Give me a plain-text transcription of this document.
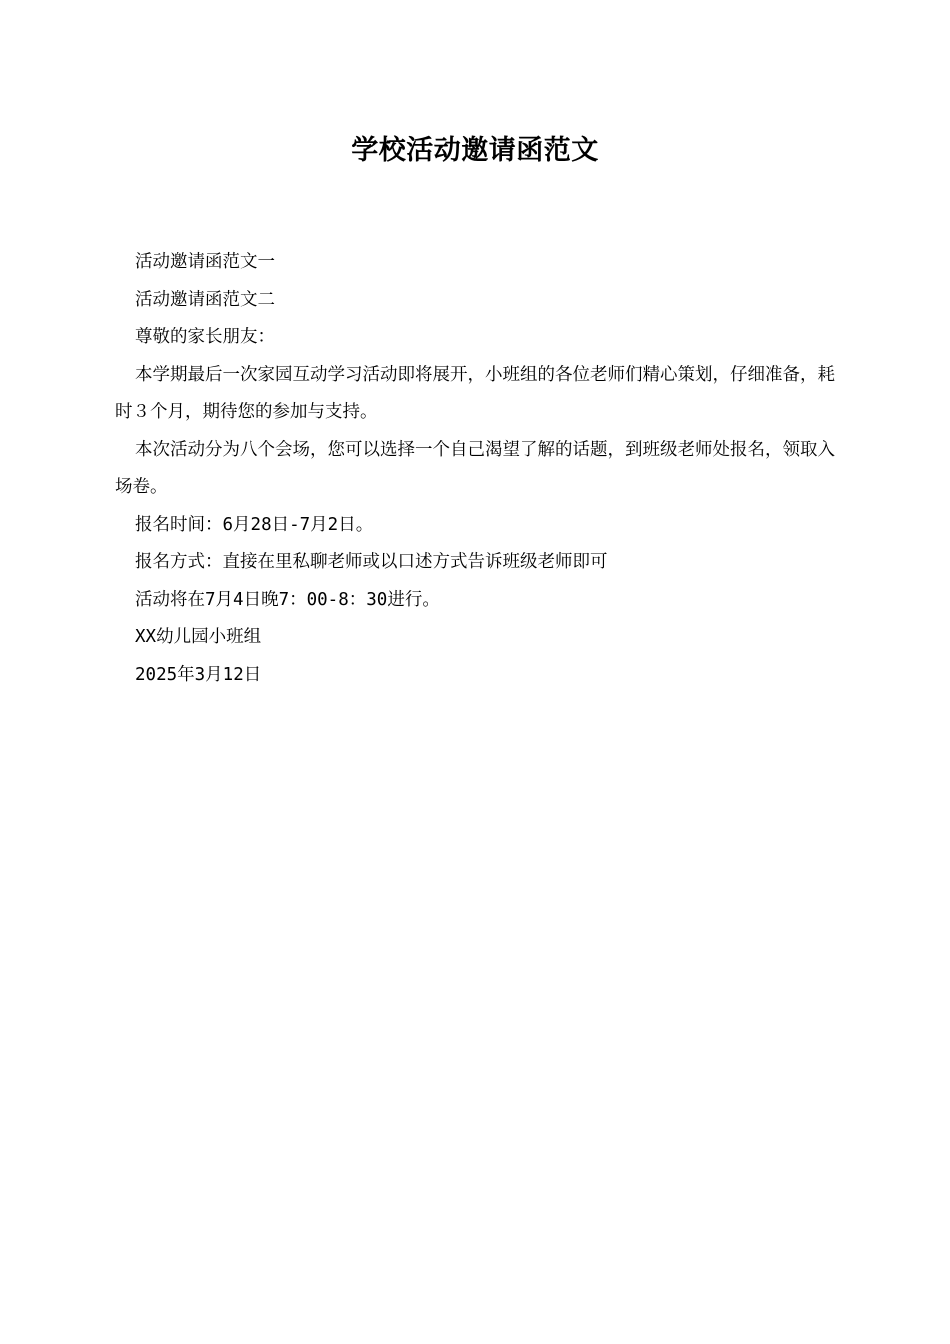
学校活动邀请函范文

活动邀请函范文一

活动邀请函范文二

尊敬的家长朋友：

本学期最后一次家园互动学习活动即将展开，小班组的各位老师们精心策划，仔细准备，耗时３个月，期待您的参加与支持。

本次活动分为八个会场，您可以选择一个自己渴望了解的话题，到班级老师处报名，领取入场卷。

报名时间：6月28日-7月2日。

报名方式：直接在里私聊老师或以口述方式告诉班级老师即可

活动将在7月4日晚7：00-8：30进行。

XX幼儿园小班组

2025年3月12日
